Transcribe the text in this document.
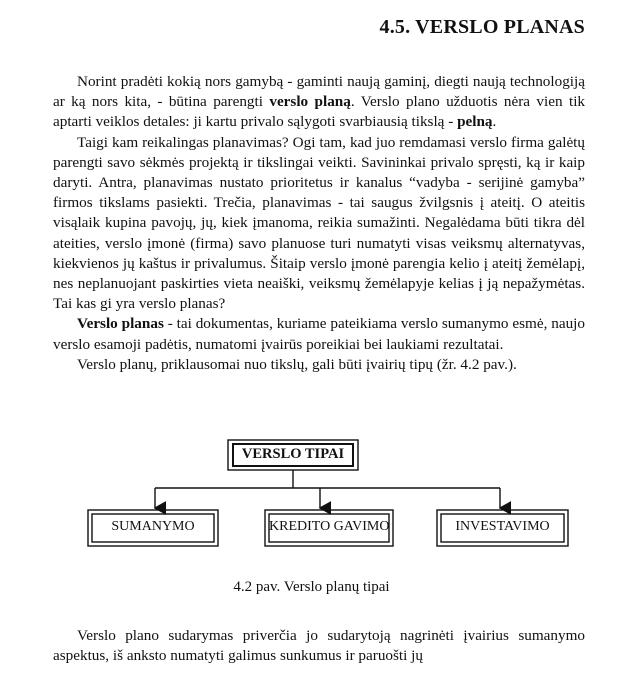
4.5. VERSLO PLANAS

Norint pradėti kokią nors gamybą - gaminti naują gaminį, diegti naują technologiją ar ką nors kita, - būtina parengti verslo planą. Verslo plano užduotis nėra vien tik aptarti veiklos detales: ji kartu privalo sąlygoti svarbiausią tikslą - pelną.

Taigi kam reikalingas planavimas? Ogi tam, kad juo remdamasi verslo firma galėtų parengti savo sėkmės projektą ir tikslingai veikti. Savininkai privalo spręsti, ką ir kaip daryti. Antra, planavimas nustato prioritetus ir kanalus “vadyba - serijinė gamyba” firmos tikslams pasiekti. Trečia, planavimas - tai saugus žvilgsnis į ateitį. O ateitis visąlaik kupina pavojų, jų, kiek įmanoma, reikia sumažinti. Negalėdama būti tikra dėl ateities, verslo įmonė (firma) savo planuose turi numatyti visas veiksmų alternatyvas, kiekvienos jų kaštus ir privalumus. Šitaip verslo įmonė parengia kelio į ateitį žemėlapį, nes neplanuojant paskirties vieta neaiški, veiksmų žemėlapyje kelias į ją nepažymėtas. Tai kas gi yra verslo planas?

Verslo planas - tai dokumentas, kuriame pateikiama verslo sumanymo esmė, naujo verslo esamoji padėtis, numatomi įvairūs poreikiai bei laukiami rezultatai.

Verslo planų, priklausomai nuo tikslų, gali būti įvairių tipų (žr. 4.2 pav.).

VERSLO TIPAI
SUMANYMO	KREDITO GAVIMO	INVESTAVIMO
4.2 pav. Verslo planų tipai

Verslo plano sudarymas priverčia jo sudarytoją nagrinėti įvairius sumanymo aspektus, iš anksto numatyti galimus sunkumus ir paruošti jų
